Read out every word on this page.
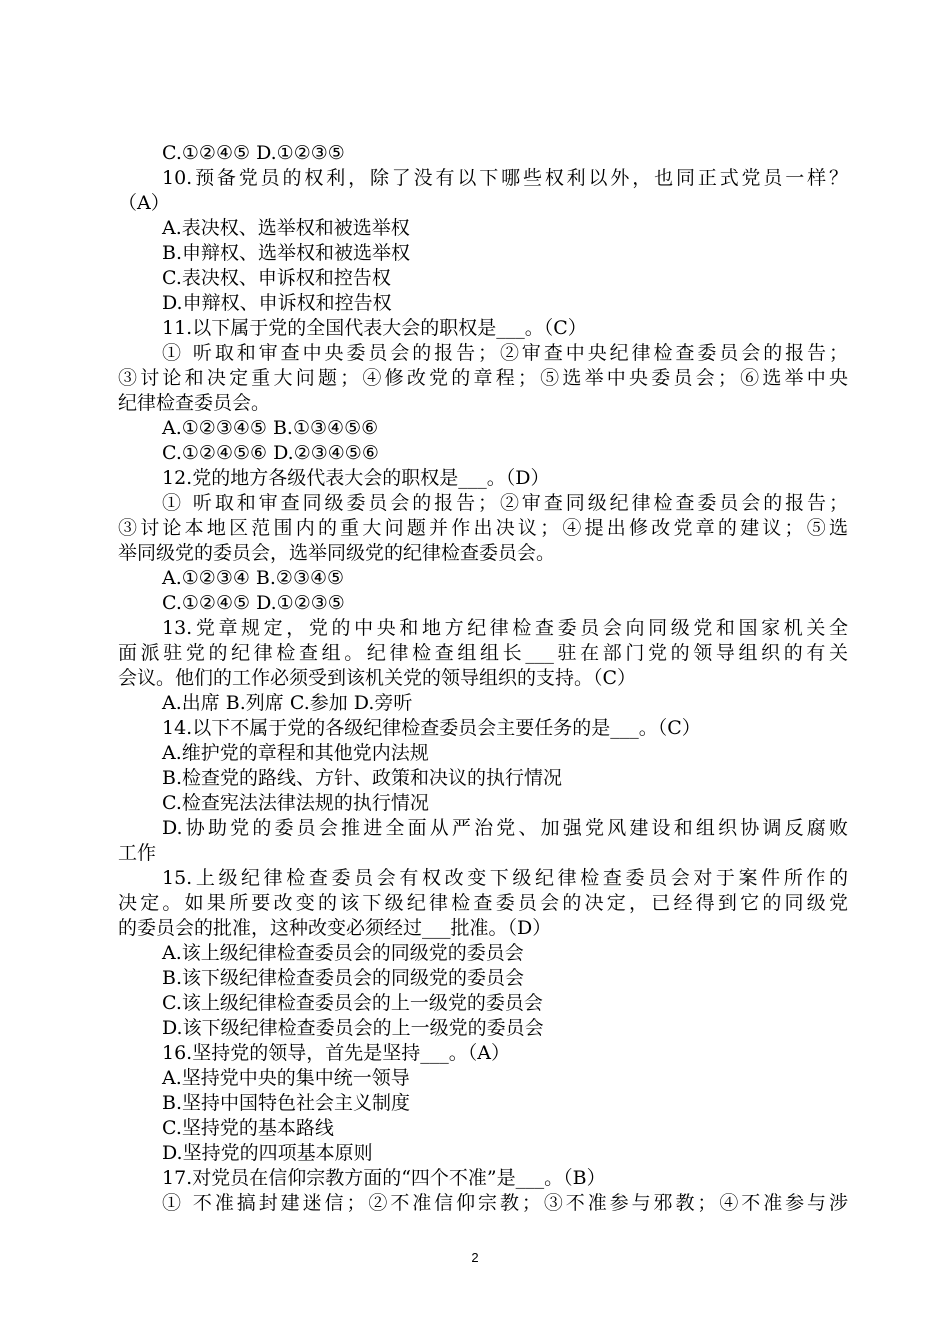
C.①②④⑤ D.①②③⑤
10.预备党员的权利，除了没有以下哪些权利以外，也同正式党员一样？
（A）
A.表决权、选举权和被选举权
B.申辩权、选举权和被选举权
C.表决权、申诉权和控告权
D.申辩权、申诉权和控告权
11.以下属于党的全国代表大会的职权是___。（C）
① 听取和审查中央委员会的报告；②审查中央纪律检查委员会的报告；
③讨论和决定重大问题；④修改党的章程；⑤选举中央委员会；⑥选举中央
纪律检查委员会。
A.①②③④⑤ B.①③④⑤⑥
C.①②④⑤⑥ D.②③④⑤⑥
12.党的地方各级代表大会的职权是___。（D）
① 听取和审查同级委员会的报告；②审查同级纪律检查委员会的报告；
③讨论本地区范围内的重大问题并作出决议；④提出修改党章的建议；⑤选
举同级党的委员会，选举同级党的纪律检查委员会。
A.①②③④ B.②③④⑤
C.①②④⑤ D.①②③⑤
13.党章规定，党的中央和地方纪律检查委员会向同级党和国家机关全
面派驻党的纪律检查组。纪律检查组组长___驻在部门党的领导组织的有关
会议。他们的工作必须受到该机关党的领导组织的支持。（C）
A.出席 B.列席 C.参加 D.旁听
14.以下不属于党的各级纪律检查委员会主要任务的是___。（C）
A.维护党的章程和其他党内法规
B.检查党的路线、方针、政策和决议的执行情况
C.检查宪法法律法规的执行情况
D.协助党的委员会推进全面从严治党、加强党风建设和组织协调反腐败
工作
15.上级纪律检查委员会有权改变下级纪律检查委员会对于案件所作的
决定。如果所要改变的该下级纪律检查委员会的决定，已经得到它的同级党
的委员会的批准，这种改变必须经过___批准。（D）
A.该上级纪律检查委员会的同级党的委员会
B.该下级纪律检查委员会的同级党的委员会
C.该上级纪律检查委员会的上一级党的委员会
D.该下级纪律检查委员会的上一级党的委员会
16.坚持党的领导，首先是坚持___。（A）
A.坚持党中央的集中统一领导
B.坚持中国特色社会主义制度
C.坚持党的基本路线
D.坚持党的四项基本原则
17.对党员在信仰宗教方面的“四个不准”是___。（B）
① 不准搞封建迷信；②不准信仰宗教；③不准参与邪教；④不准参与涉
2
